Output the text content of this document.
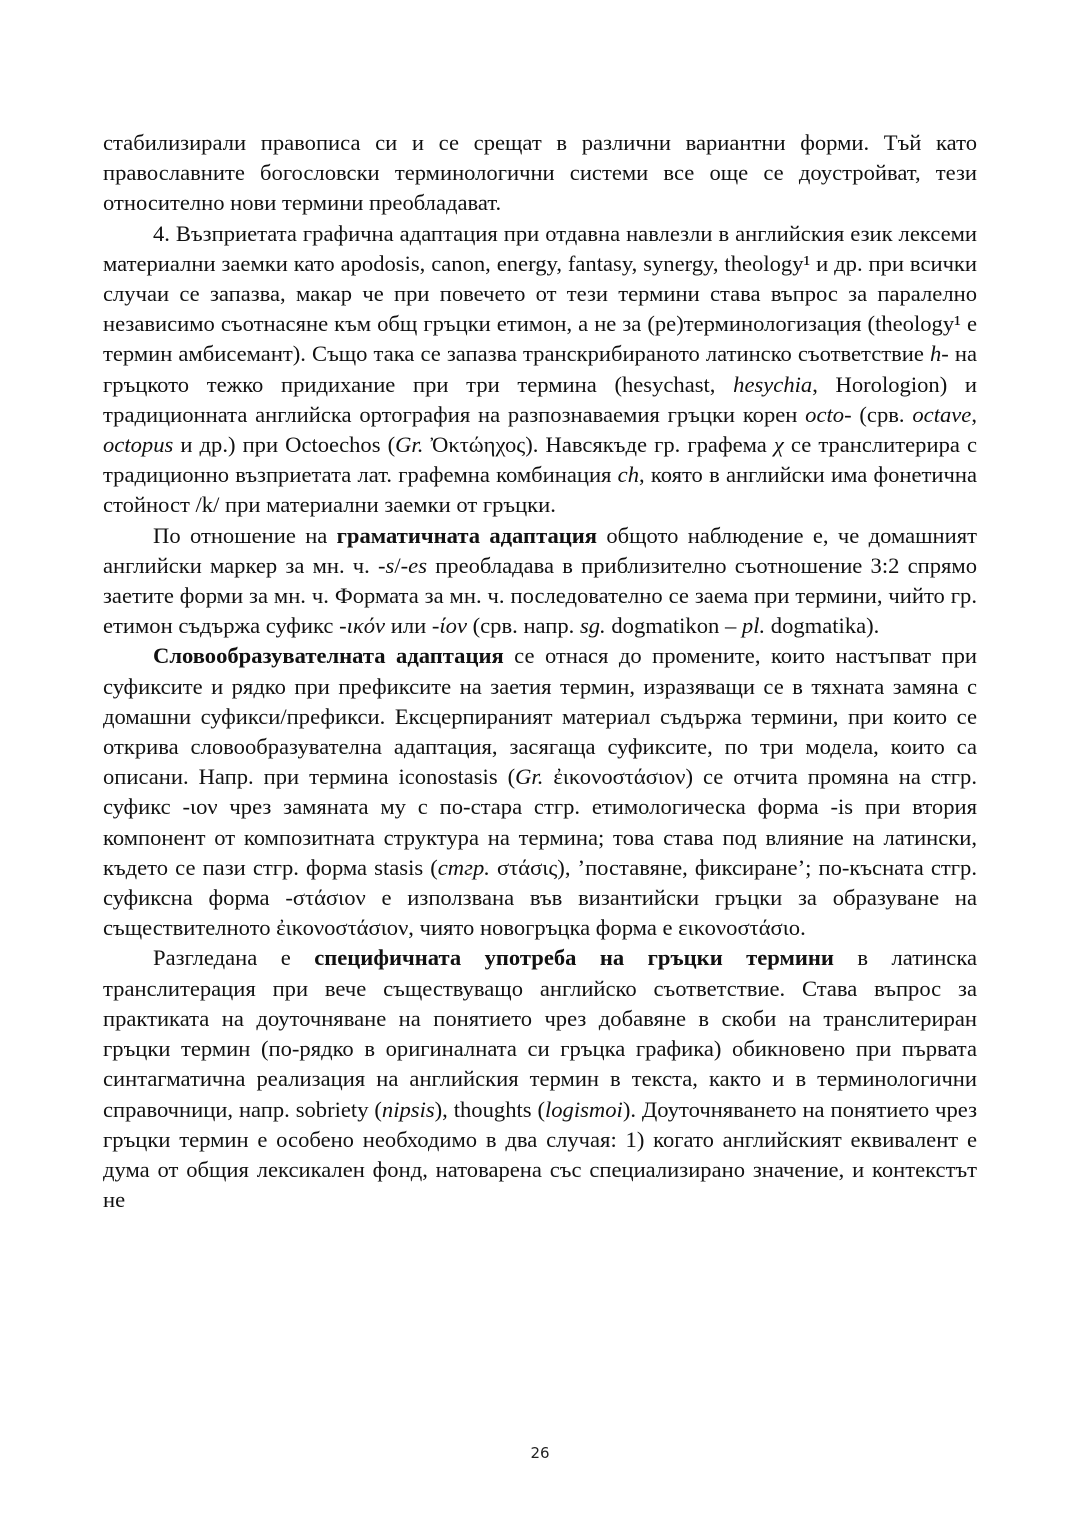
стабилизирали правописа си и се срещат в различни вариантни форми. Тъй като православните богословски терминологични системи все още се доустройват, тези относително нови термини преобладават.

4. Възприетата графична адаптация при отдавна навлезли в английския език лексеми материални заемки като apodosis, canon, energy, fantasy, synergy, theology¹ и др. при всички случаи се запазва, макар че при повечето от тези термини става въпрос за паралелно независимо съотнасяне към общ гръцки етимон, а не за (ре)терминологизация (theology¹ е термин амбисемант). Също така се запазва транскрибираното латинско съответствие h- на гръцкото тежко придихание при три термина (hesychast, hesychia, Horologion) и традиционната английска ортография на разпознаваемия гръцки корен octo- (срв. octave, octopus и др.) при Octoechos (Gr. Ὀκτώηχος). Навсякъде гр. графема χ се транслитерира с традиционно възприетата лат. графемна комбинация ch, която в английски има фонетична стойност /k/ при материални заемки от гръцки.

По отношение на граматичната адаптация общото наблюдение е, че домашният английски маркер за мн. ч. -s/-es преобладава в приблизително съотношение 3:2 спрямо заетите форми за мн. ч. Формата за мн. ч. последователно се заема при термини, чийто гр. етимон съдържа суфикс -ικόν или -ίον (срв. напр. sg. dogmatikon – pl. dogmatika).

Словообразувателната адаптация се отнася до промените, които настъпват при суфиксите и рядко при префиксите на заетия термин, изразяващи се в тяхната замяна с домашни суфикси/префикси. Ексцерпираният материал съдържа термини, при които се открива словообразувателна адаптация, засягаща суфиксите, по три модела, които са описани. Напр. при термина iconostasis (Gr. ἐικονοστάσιον) се отчита промяна на стгр. суфикс -ιον чрез замяната му с по-стара стгр. етимологическа форма -is при втория компонент от композитната структура на термина; това става под влияние на латински, където се пази стгр. форма stasis (стгр. στάσις), ’поставяне, фиксиране’; по-късната стгр. суфиксна форма -στάσιον е използвана във византийски гръцки за образуване на съществителното ἐικονοστάσιον, чиято новогръцка форма е εικονοστάσιο.

Разгледана е специфичната употреба на гръцки термини в латинска транслитерация при вече съществуващо английско съответствие. Става въпрос за практиката на доуточняване на понятието чрез добавяне в скоби на транслитериран гръцки термин (по-рядко в оригиналната си гръцка графика) обикновено при първата синтагматична реализация на английския термин в текста, както и в терминологични справочници, напр. sobriety (nipsis), thoughts (logismoi). Доуточняването на понятието чрез гръцки термин е особено необходимо в два случая: 1) когато английският еквивалент е дума от общия лексикален фонд, натоварена със специализирано значение, и контекстът не

26
